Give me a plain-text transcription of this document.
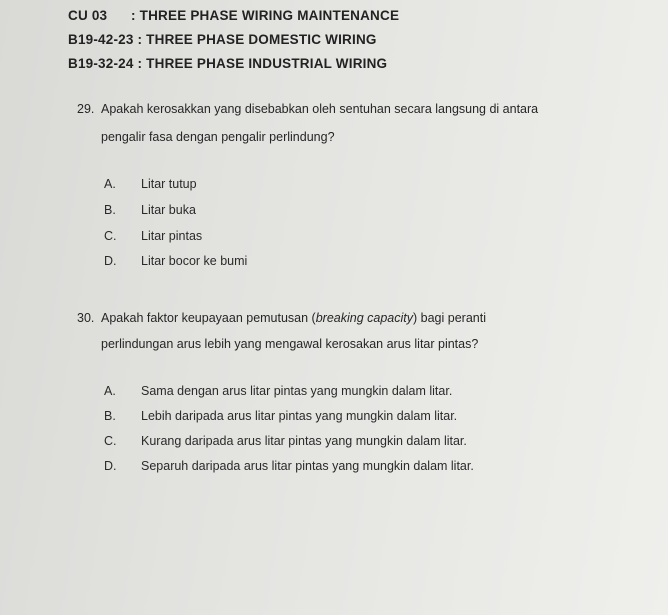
CU 03 : THREE PHASE WIRING MAINTENANCE
B19-42-23 : THREE PHASE DOMESTIC WIRING
B19-32-24 : THREE PHASE INDUSTRIAL WIRING
29. Apakah kerosakkan yang disebabkan oleh sentuhan secara langsung di antara
pengalir fasa dengan pengalir perlindung?
A. Litar tutup
B. Litar buka
C. Litar pintas
D. Litar bocor ke bumi
30. Apakah faktor keupayaan pemutusan (breaking capacity) bagi peranti
perlindungan arus lebih yang mengawal kerosakan arus litar pintas?
A. Sama dengan arus litar pintas yang mungkin dalam litar.
B. Lebih daripada arus litar pintas yang mungkin dalam litar.
C. Kurang daripada arus litar pintas yang mungkin dalam litar.
D. Separuh daripada arus litar pintas yang mungkin dalam litar.
